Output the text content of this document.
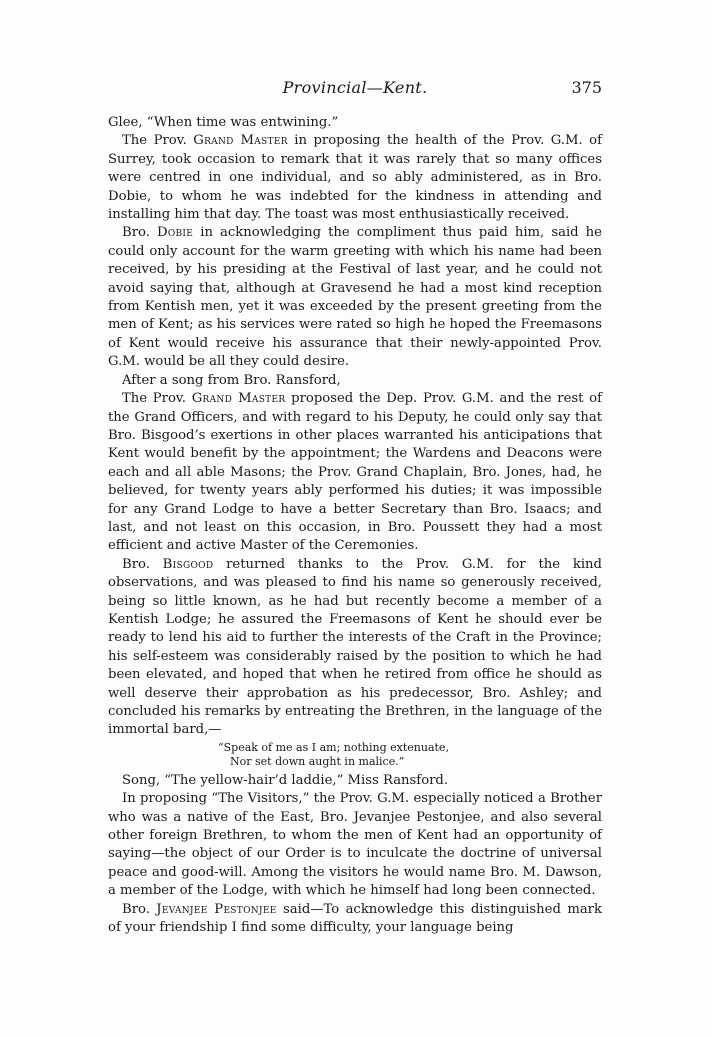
Provincial—Kent.	375

Glee, “When time was entwining.”

The Prov. Grand Master in proposing the health of the Prov. G.M. of Surrey, took occasion to remark that it was rarely that so many offices were centred in one individual, and so ably administered, as in Bro. Dobie, to whom he was indebted for the kindness in attending and installing him that day. The toast was most enthusiastically received.

Bro. Dobie in acknowledging the compliment thus paid him, said he could only account for the warm greeting with which his name had been received, by his presiding at the Festival of last year, and he could not avoid saying that, although at Gravesend he had a most kind reception from Kentish men, yet it was exceeded by the present greeting from the men of Kent; as his services were rated so high he hoped the Freemasons of Kent would receive his assurance that their newly-appointed Prov. G.M. would be all they could desire.

After a song from Bro. Ransford,

The Prov. Grand Master proposed the Dep. Prov. G.M. and the rest of the Grand Officers, and with regard to his Deputy, he could only say that Bro. Bisgood’s exertions in other places warranted his anticipations that Kent would benefit by the appointment; the Wardens and Deacons were each and all able Masons; the Prov. Grand Chaplain, Bro. Jones, had, he believed, for twenty years ably performed his duties; it was impossible for any Grand Lodge to have a better Secretary than Bro. Isaacs; and last, and not least on this occasion, in Bro. Poussett they had a most efficient and active Master of the Ceremonies.

Bro. Bisgood returned thanks to the Prov. G.M. for the kind observations, and was pleased to find his name so generously received, being so little known, as he had but recently become a member of a Kentish Lodge; he assured the Freemasons of Kent he should ever be ready to lend his aid to further the interests of the Craft in the Province; his self-esteem was considerably raised by the position to which he had been elevated, and hoped that when he retired from office he should as well deserve their approbation as his predecessor, Bro. Ashley; and concluded his remarks by entreating the Brethren, in the language of the immortal bard,—

“Speak of me as I am; nothing extenuate,
Nor set down aught in malice.”

Song, “The yellow-hair’d laddie,” Miss Ransford.

In proposing “The Visitors,” the Prov. G.M. especially noticed a Brother who was a native of the East, Bro. Jevanjee Pestonjee, and also several other foreign Brethren, to whom the men of Kent had an opportunity of saying—the object of our Order is to inculcate the doctrine of universal peace and good-will. Among the visitors he would name Bro. M. Dawson, a member of the Lodge, with which he himself had long been connected.

Bro. Jevanjee Pestonjee said—To acknowledge this distinguished mark of your friendship I find some difficulty, your language being
